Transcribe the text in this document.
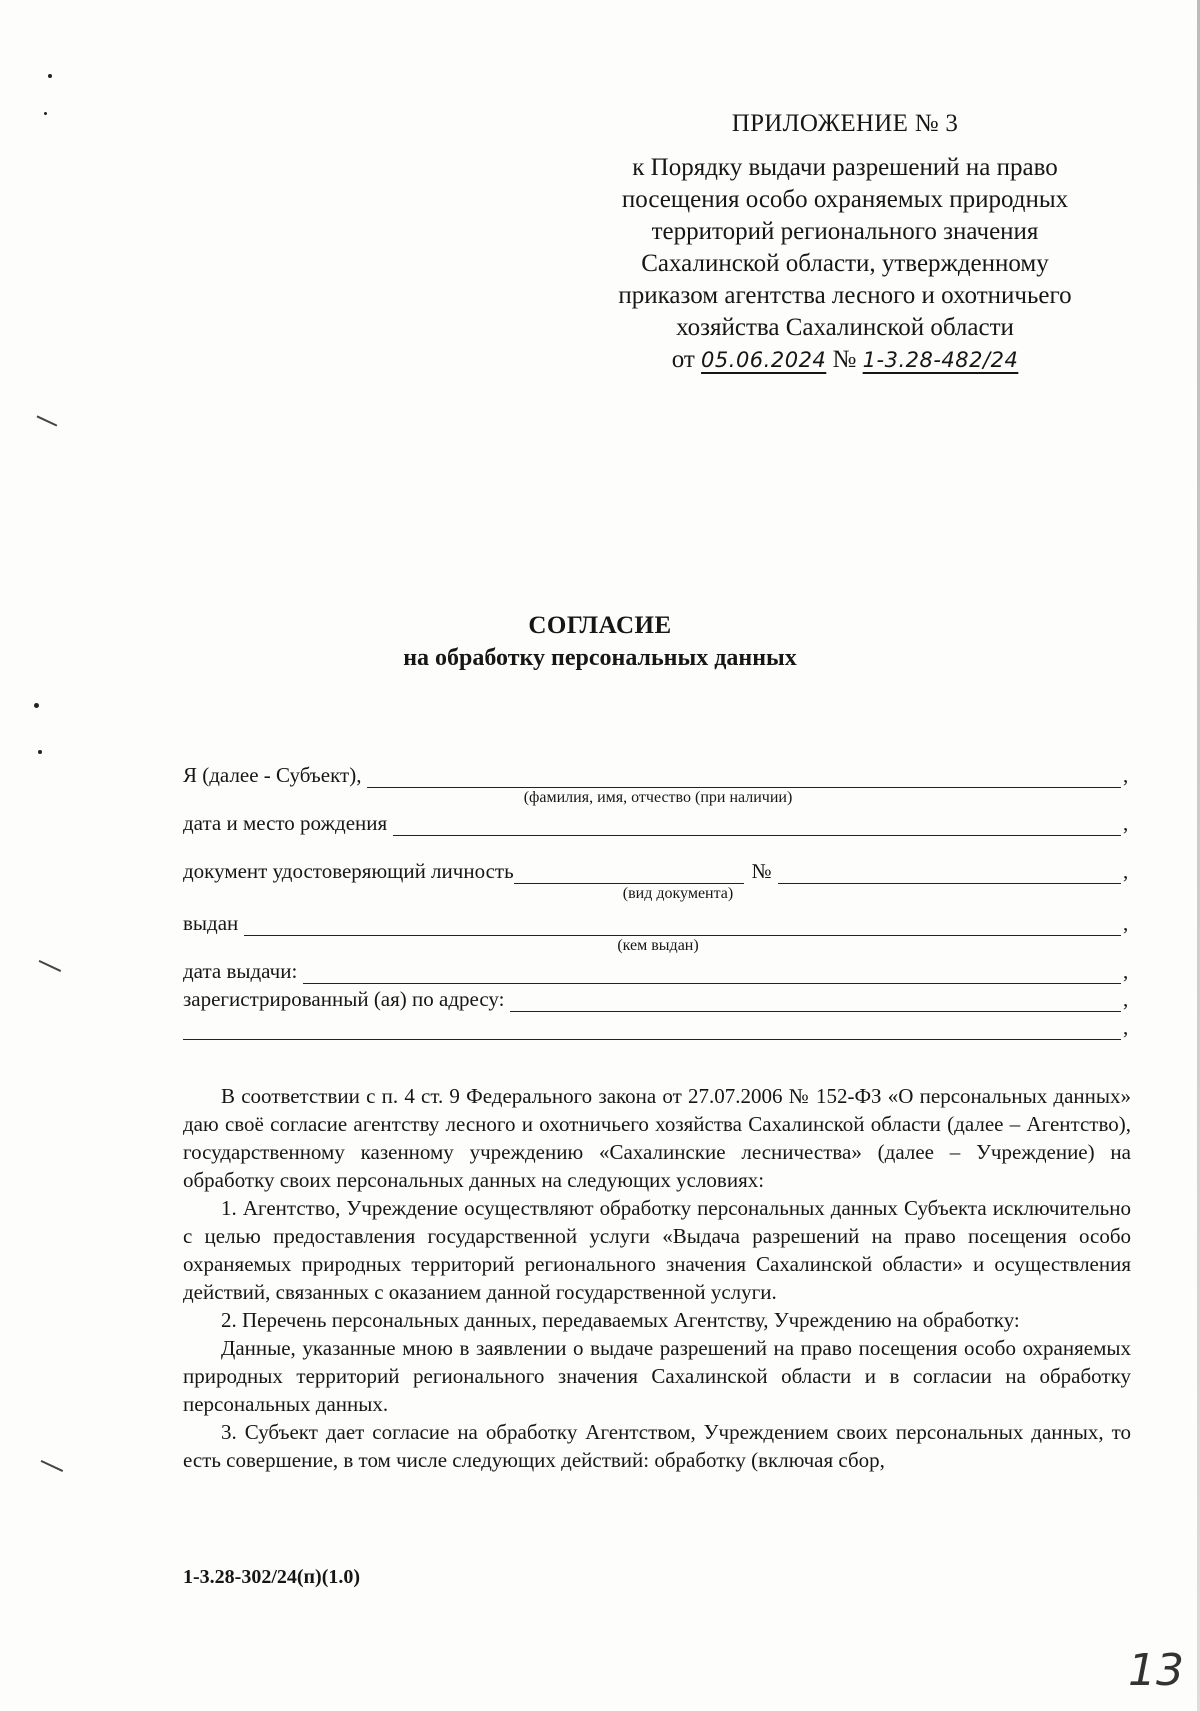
ПРИЛОЖЕНИЕ № 3
к Порядку выдачи разрешений на право
посещения особо охраняемых природных
территорий регионального значения
Сахалинской области, утвержденному
приказом агентства лесного и охотничьего
хозяйства Сахалинской области
от 05.06.2024 № 1-3.28-482/24
СОГЛАСИЕ
на обработку персональных данных
Я (далее - Субъект),	,
(фамилия, имя, отчество (при наличии)
дата и место рождения	,
документ удостоверяющий личность	№	,
(вид документа)
выдан	,
(кем выдан)
дата выдачи:	,
зарегистрированный (ая) по адресу:	,
,

В соответствии с п. 4 ст. 9 Федерального закона от 27.07.2006 № 152-ФЗ «О персональных данных» даю своё согласие агентству лесного и охотничьего хозяйства Сахалинской области (далее – Агентство), государственному казенному учреждению «Сахалинские лесничества» (далее – Учреждение) на обработку своих персональных данных на следующих условиях:

1. Агентство, Учреждение осуществляют обработку персональных данных Субъекта исключительно с целью предоставления государственной услуги «Выдача разрешений на право посещения особо охраняемых природных территорий регионального значения Сахалинской области» и осуществления действий, связанных с оказанием данной государственной услуги.

2. Перечень персональных данных, передаваемых Агентству, Учреждению на обработку:

Данные, указанные мною в заявлении о выдаче разрешений на право посещения особо охраняемых природных территорий регионального значения Сахалинской области и в согласии на обработку персональных данных.

3. Субъект дает согласие на обработку Агентством, Учреждением своих персональных данных, то есть совершение, в том числе следующих действий: обработку (включая сбор,

1-3.28-302/24(п)(1.0)
13
